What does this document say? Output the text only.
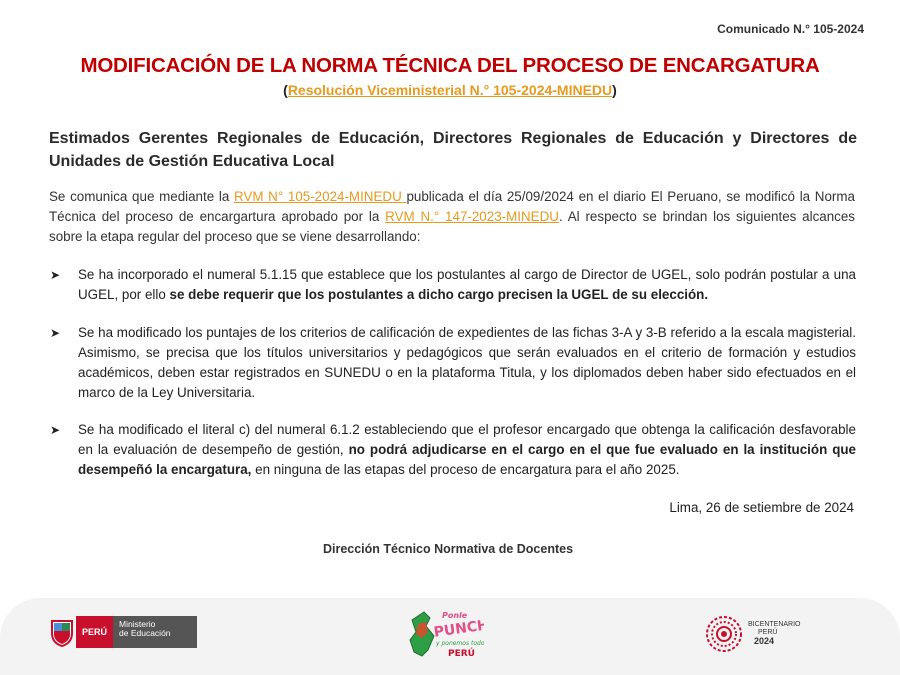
Comunicado N.° 105-2024
MODIFICACIÓN DE LA NORMA TÉCNICA DEL PROCESO DE ENCARGATURA
(Resolución Viceministerial N.° 105-2024-MINEDU)
Estimados Gerentes Regionales de Educación, Directores Regionales de Educación y Directores de Unidades de Gestión Educativa Local
Se comunica que mediante la RVM N° 105-2024-MINEDU publicada el día 25/09/2024 en el diario El Peruano, se modificó la Norma Técnica del proceso de encargartura aprobado por la RVM N.° 147-2023-MINEDU. Al respecto se brindan los siguientes alcances sobre la etapa regular del proceso que se viene desarrollando:
➤ Se ha incorporado el numeral 5.1.15 que establece que los postulantes al cargo de Director de UGEL, solo podrán postular a una UGEL, por ello se debe requerir que los postulantes a dicho cargo precisen la UGEL de su elección.
➤ Se ha modificado los puntajes de los criterios de calificación de expedientes de las fichas 3-A y 3-B referido a la escala magisterial. Asimismo, se precisa que los títulos universitarios y pedagógicos que serán evaluados en el criterio de formación y estudios académicos, deben estar registrados en SUNEDU o en la plataforma Titula, y los diplomados deben haber sido efectuados en el marco de la Ley Universitaria.
➤ Se ha modificado el literal c) del numeral 6.1.2 estableciendo que el profesor encargado que obtenga la calificación desfavorable en la evaluación de desempeño de gestión, no podrá adjudicarse en el cargo en el que fue evaluado en la institución que desempeñó la encargatura, en ninguna de las etapas del proceso de encargatura para el año 2025.
Lima, 26 de setiembre de 2024
Dirección Técnico Normativa de Docentes
PERÚ
Ministerio
de Educación
Ponle
PUNCHE
y ponemos todo
PERÚ
BICENTENARIO
PERÚ
2024
